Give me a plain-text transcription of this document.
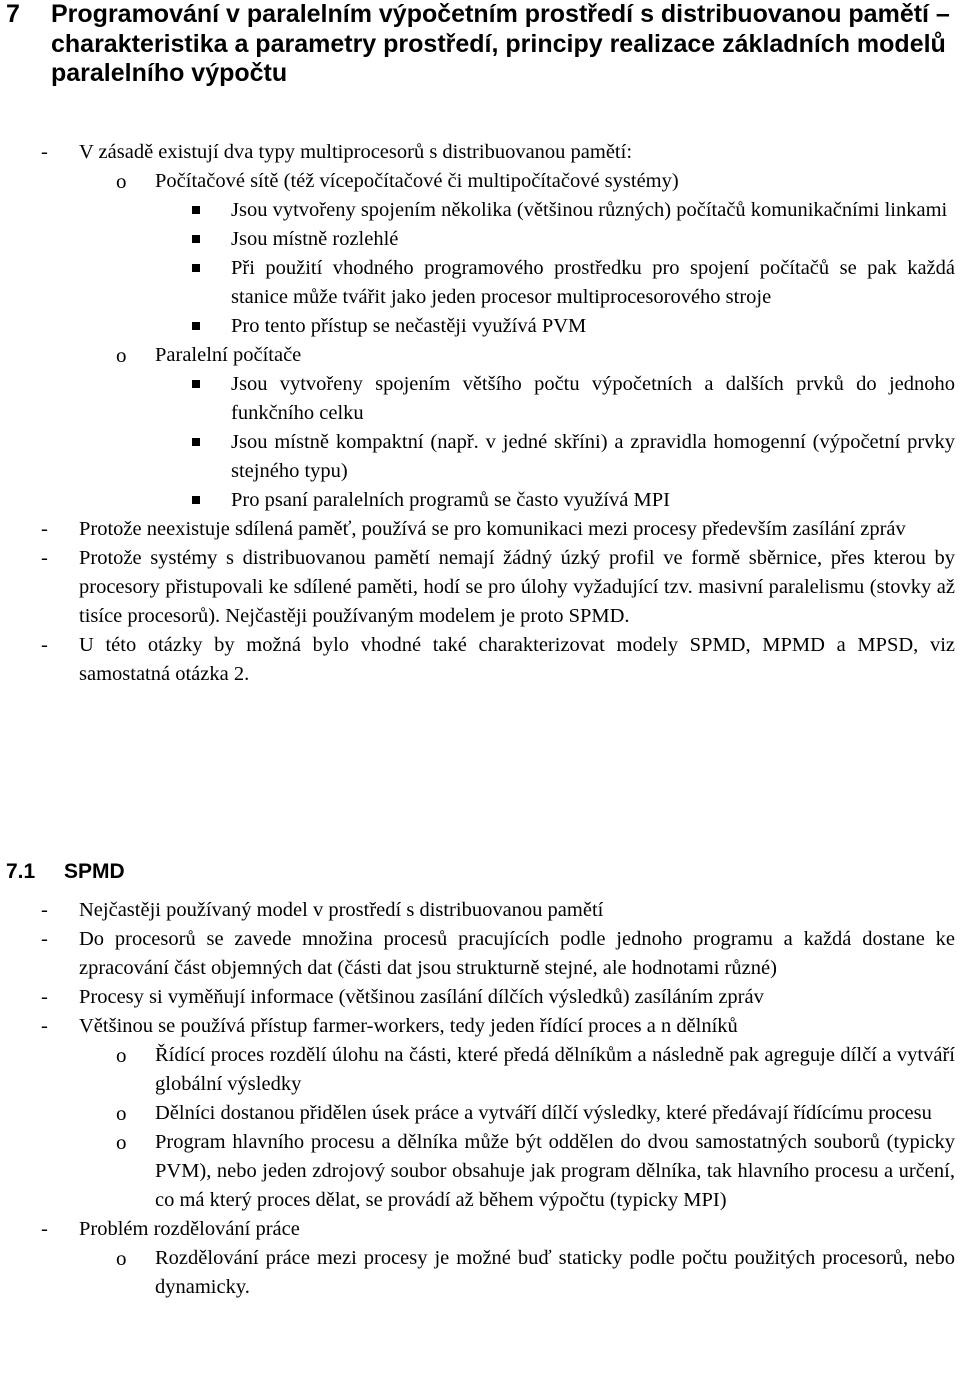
7 Programování v paralelním výpočetním prostředí s distribuovanou pamětí – charakteristika a parametry prostředí, principy realizace základních modelů paralelního výpočtu
- V zásadě existují dva typy multiprocesorů s distribuovanou pamětí:
o Počítačové sítě (též vícepočítačové či multipočítačové systémy)
Jsou vytvořeny spojením několika (většinou různých) počítačů komunikačními linkami
Jsou místně rozlehlé
Při použití vhodného programového prostředku pro spojení počítačů se pak každá stanice může tvářit jako jeden procesor multiprocesorového stroje
Pro tento přístup se nečastěji využívá PVM
o Paralelní počítače
Jsou vytvořeny spojením většího počtu výpočetních a dalších prvků do jednoho funkčního celku
Jsou místně kompaktní (např. v jedné skříni) a zpravidla homogenní (výpočetní prvky stejného typu)
Pro psaní paralelních programů se často využívá MPI
- Protože neexistuje sdílená paměť, používá se pro komunikaci mezi procesy především zasílání zpráv
- Protože systémy s distribuovanou pamětí nemají žádný úzký profil ve formě sběrnice, přes kterou by procesory přistupovali ke sdílené paměti, hodí se pro úlohy vyžadující tzv. masivní paralelismu (stovky až tisíce procesorů). Nejčastěji používaným modelem je proto SPMD.
- U této otázky by možná bylo vhodné také charakterizovat modely SPMD, MPMD a MPSD, viz samostatná otázka 2.
7.1 SPMD
- Nejčastěji používaný model v prostředí s distribuovanou pamětí
- Do procesorů se zavede množina procesů pracujících podle jednoho programu a každá dostane ke zpracování část objemných dat (části dat jsou strukturně stejné, ale hodnotami různé)
- Procesy si vyměňují informace (většinou zasílání dílčích výsledků) zasíláním zpráv
- Většinou se používá přístup farmer-workers, tedy jeden řídící proces a n dělníků
o Řídící proces rozdělí úlohu na části, které předá dělníkům a následně pak agreguje dílčí a vytváří globální výsledky
o Dělníci dostanou přidělen úsek práce a vytváří dílčí výsledky, které předávají řídícímu procesu
o Program hlavního procesu a dělníka může být oddělen do dvou samostatných souborů (typicky PVM), nebo jeden zdrojový soubor obsahuje jak program dělníka, tak hlavního procesu a určení, co má který proces dělat, se provádí až během výpočtu (typicky MPI)
- Problém rozdělování práce
o Rozdělování práce mezi procesy je možné buď staticky podle počtu použitých procesorů, nebo dynamicky.
